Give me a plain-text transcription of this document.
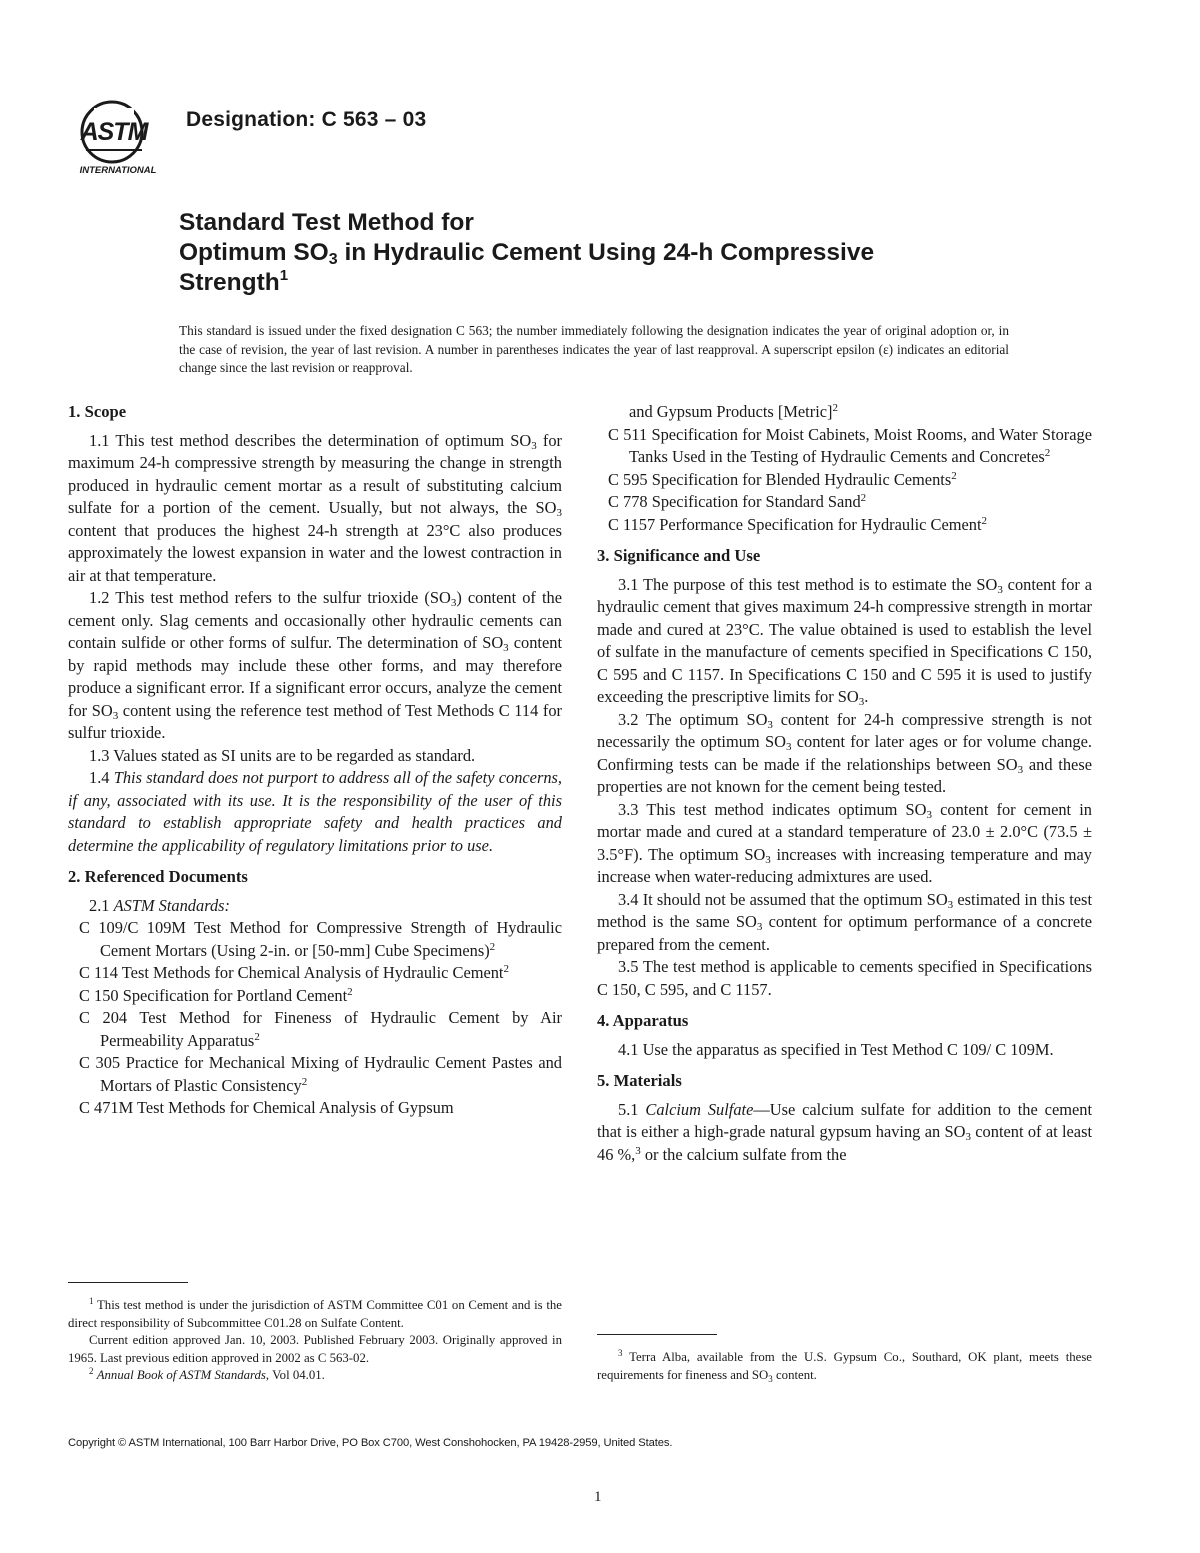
ASTM
INTERNATIONAL
Designation: C 563 – 03
Standard Test Method for
Optimum $SO_3$ in Hydraulic Cement Using 24-h Compressive
Strength$^1$
This standard is issued under the fixed designation C 563; the number immediately following the designation indicates the year of original adoption or, in the case of revision, the year of last revision. A number in parentheses indicates the year of last reapproval. A superscript epsilon (ε) indicates an editorial change since the last revision or reapproval.
1. Scope

1.1 This test method describes the determination of optimum $SO_3$ for maximum 24-h compressive strength by measuring the change in strength produced in hydraulic cement mortar as a result of substituting calcium sulfate for a portion of the cement. Usually, but not always, the $SO_3$ content that produces the highest 24-h strength at 23°C also produces approximately the lowest expansion in water and the lowest contraction in air at that temperature.

1.2 This test method refers to the sulfur trioxide $(SO_3)$ content of the cement only. Slag cements and occasionally other hydraulic cements can contain sulfide or other forms of sulfur. The determination of $SO_3$ content by rapid methods may include these other forms, and may therefore produce a significant error. If a significant error occurs, analyze the cement for $SO_3$ content using the reference test method of Test Methods C 114 for sulfur trioxide.

1.3 Values stated as SI units are to be regarded as standard.

1.4 This standard does not purport to address all of the safety concerns, if any, associated with its use. It is the responsibility of the user of this standard to establish appropriate safety and health practices and determine the applicability of regulatory limitations prior to use.

2. Referenced Documents

2.1 ASTM Standards:

C 109/C 109M Test Method for Compressive Strength of Hydraulic Cement Mortars (Using 2-in. or [50-mm] Cube Specimens)$^2$

C 114 Test Methods for Chemical Analysis of Hydraulic Cement$^2$

C 150 Specification for Portland Cement$^2$

C 204 Test Method for Fineness of Hydraulic Cement by Air Permeability Apparatus$^2$

C 305 Practice for Mechanical Mixing of Hydraulic Cement Pastes and Mortars of Plastic Consistency$^2$

C 471M Test Methods for Chemical Analysis of Gypsum

$^1$ This test method is under the jurisdiction of ASTM Committee C01 on Cement and is the direct responsibility of Subcommittee C01.28 on Sulfate Content.

Current edition approved Jan. 10, 2003. Published February 2003. Originally approved in 1965. Last previous edition approved in 2002 as C 563-02.

$^2$ Annual Book of ASTM Standards, Vol 04.01.

and Gypsum Products [Metric]$^2$

C 511 Specification for Moist Cabinets, Moist Rooms, and Water Storage Tanks Used in the Testing of Hydraulic Cements and Concretes$^2$

C 595 Specification for Blended Hydraulic Cements$^2$

C 778 Specification for Standard Sand$^2$

C 1157 Performance Specification for Hydraulic Cement$^2$

3. Significance and Use

3.1 The purpose of this test method is to estimate the $SO_3$ content for a hydraulic cement that gives maximum 24-h compressive strength in mortar made and cured at 23°C. The value obtained is used to establish the level of sulfate in the manufacture of cements specified in Specifications C 150, C 595 and C 1157. In Specifications C 150 and C 595 it is used to justify exceeding the prescriptive limits for $SO_3$.

3.2 The optimum $SO_3$ content for 24-h compressive strength is not necessarily the optimum $SO_3$ content for later ages or for volume change. Confirming tests can be made if the relationships between $SO_3$ and these properties are not known for the cement being tested.

3.3 This test method indicates optimum $SO_3$ content for cement in mortar made and cured at a standard temperature of 23.0 ± 2.0°C (73.5 ± 3.5°F). The optimum $SO_3$ increases with increasing temperature and may increase when water-reducing admixtures are used.

3.4 It should not be assumed that the optimum $SO_3$ estimated in this test method is the same $SO_3$ content for optimum performance of a concrete prepared from the cement.

3.5 The test method is applicable to cements specified in Specifications C 150, C 595, and C 1157.

4. Apparatus

4.1 Use the apparatus as specified in Test Method C 109/ C 109M.

5. Materials

5.1 Calcium Sulfate—Use calcium sulfate for addition to the cement that is either a high-grade natural gypsum having an $SO_3$ content of at least 46 %,$^3$ or the calcium sulfate from the

$^3$ Terra Alba, available from the U.S. Gypsum Co., Southard, OK plant, meets these requirements for fineness and $SO_3$ content.

Copyright © ASTM International, 100 Barr Harbor Drive, PO Box C700, West Conshohocken, PA 19428-2959, United States.
1
